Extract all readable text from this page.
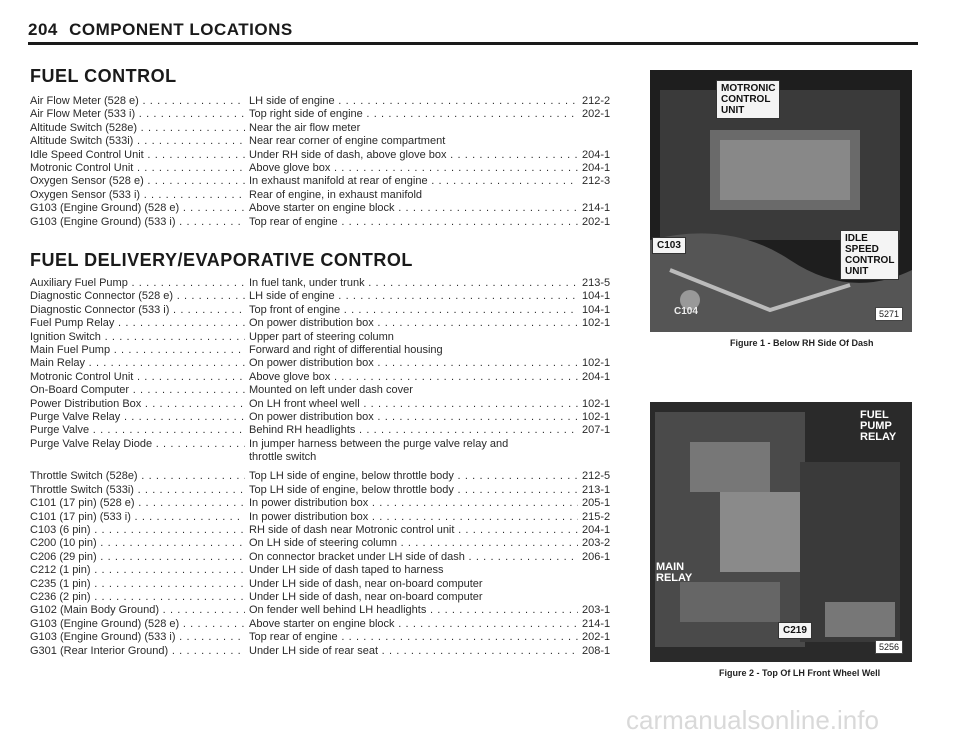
204 COMPONENT LOCATIONS
FUEL CONTROL
Air Flow Meter (528 e) . . .	LH side of engine . . .	212-2
Air Flow Meter (533 i) . . .	Top right side of engine . . .	202-1
Altitude Switch (528e) . . .	Near the air flow meter
Altitude Switch (533i) . . .	Near rear corner of engine compartment
Idle Speed Control Unit . . .	Under RH side of dash, above glove box . . .	204-1
Motronic Control Unit . . .	Above glove box . . .	204-1
Oxygen Sensor (528 e) . . .	In exhaust manifold at rear of engine . . .	212-3
Oxygen Sensor (533 i) . . .	Rear of engine, in exhaust manifold
G103 (Engine Ground) (528 e) . . .	Above starter on engine block . . .	214-1
G103 (Engine Ground) (533 i) . . .	Top rear of engine . . .	202-1
FUEL DELIVERY/EVAPORATIVE CONTROL
Auxiliary Fuel Pump . . .	In fuel tank, under trunk . . .	213-5
Diagnostic Connector (528 e) . . .	LH side of engine . . .	104-1
Diagnostic Connector (533 i) . . .	Top front of engine . . .	104-1
Fuel Pump Relay . . .	On power distribution box . . .	102-1
Ignition Switch . . .	Upper part of steering column
Main Fuel Pump . . .	Forward and right of differential housing
Main Relay . . .	On power distribution box . . .	102-1
Motronic Control Unit . . .	Above glove box . . .	204-1
On-Board Computer . . .	Mounted on left under dash cover
Power Distribution Box . . .	On LH front wheel well . . .	102-1
Purge Valve Relay . . .	On power distribution box . . .	102-1
Purge Valve . . .	Behind RH headlights . . .	207-1
Purge Valve Relay Diode . . .	In jumper harness between the purge valve relay and
throttle switch
Throttle Switch (528e) . . .	Top LH side of engine, below throttle body . . .	212-5
Throttle Switch (533i) . . .	Top LH side of engine, below throttle body . . .	213-1
C101 (17 pin) (528 e) . . .	In power distribution box . . .	205-1
C101 (17 pin) (533 i) . . .	In power distribution box . . .	215-2
C103 (6 pin) . . .	RH side of dash near Motronic control unit . . .	204-1
C200 (10 pin) . . .	On LH side of steering column . . .	203-2
C206 (29 pin) . . .	On connector bracket under LH side of dash . . .	206-1
C212 (1 pin) . . .	Under LH side of dash taped to harness
C235 (1 pin) . . .	Under LH side of dash, near on-board computer
C236 (2 pin) . . .	Under LH side of dash, near on-board computer
G102 (Main Body Ground) . . .	On fender well behind LH headlights . . .	203-1
G103 (Engine Ground) (528 e) . . .	Above starter on engine block . . .	214-1
G103 (Engine Ground) (533 i) . . .	Top rear of engine . . .	202-1
G301 (Rear Interior Ground) . . .	Under LH side of rear seat . . .	208-1
MOTRONIC
CONTROL
UNIT
IDLE
SPEED
CONTROL
UNIT
C103
C104	5271
Figure 1 - Below RH Side Of Dash
FUEL
PUMP
RELAY
MAIN
RELAY
C219
5256
Figure 2 - Top Of LH Front Wheel Well
carmanualsonline.info
